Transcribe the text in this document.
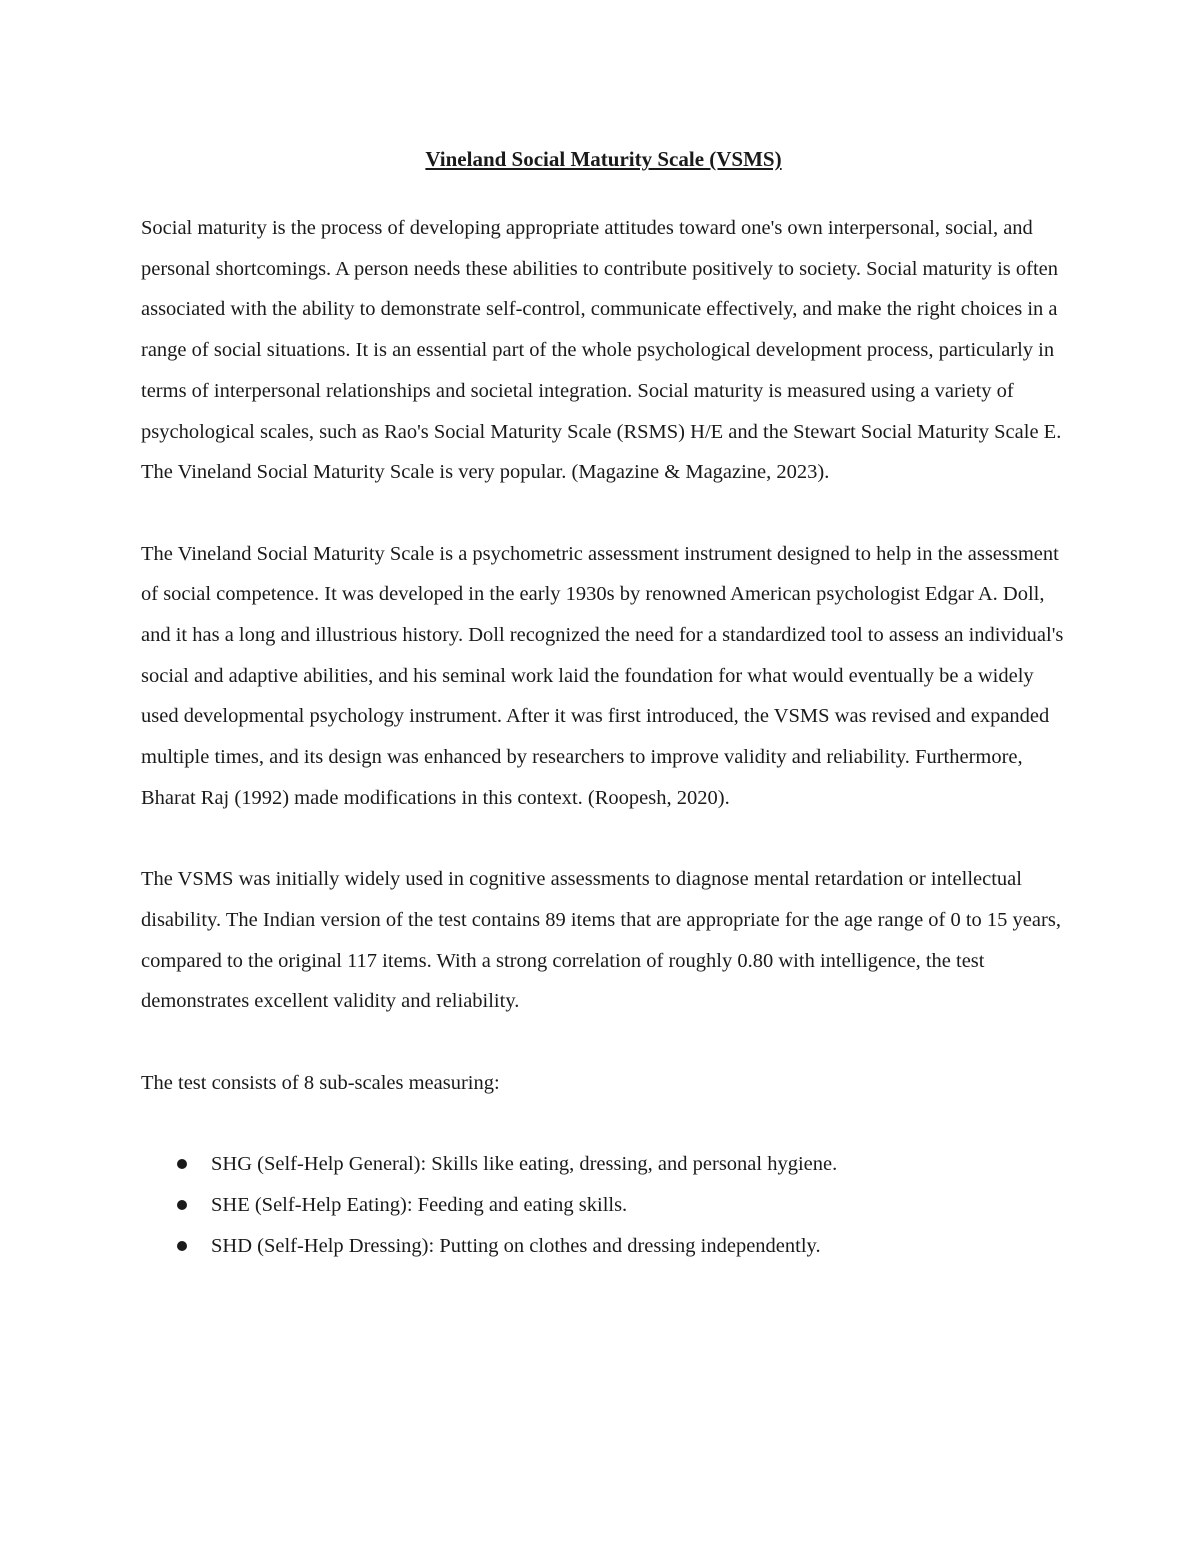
Vineland Social Maturity Scale (VSMS)

Social maturity is the process of developing appropriate attitudes toward one's own interpersonal, social, and personal shortcomings. A person needs these abilities to contribute positively to society. Social maturity is often associated with the ability to demonstrate self-control, communicate effectively, and make the right choices in a range of social situations. It is an essential part of the whole psychological development process, particularly in terms of interpersonal relationships and societal integration. Social maturity is measured using a variety of psychological scales, such as Rao's Social Maturity Scale (RSMS) H/E and the Stewart Social Maturity Scale E. The Vineland Social Maturity Scale is very popular. (Magazine & Magazine, 2023).

The Vineland Social Maturity Scale is a psychometric assessment instrument designed to help in the assessment of social competence. It was developed in the early 1930s by renowned American psychologist Edgar A. Doll, and it has a long and illustrious history. Doll recognized the need for a standardized tool to assess an individual's social and adaptive abilities, and his seminal work laid the foundation for what would eventually be a widely used developmental psychology instrument. After it was first introduced, the VSMS was revised and expanded multiple times, and its design was enhanced by researchers to improve validity and reliability. Furthermore, Bharat Raj (1992) made modifications in this context. (Roopesh, 2020).

The VSMS was initially widely used in cognitive assessments to diagnose mental retardation or intellectual disability. The Indian version of the test contains 89 items that are appropriate for the age range of 0 to 15 years, compared to the original 117 items. With a strong correlation of roughly 0.80 with intelligence, the test demonstrates excellent validity and reliability.

The test consists of 8 sub-scales measuring:

SHG (Self-Help General): Skills like eating, dressing, and personal hygiene.
SHE (Self-Help Eating): Feeding and eating skills.
SHD (Self-Help Dressing): Putting on clothes and dressing independently.
